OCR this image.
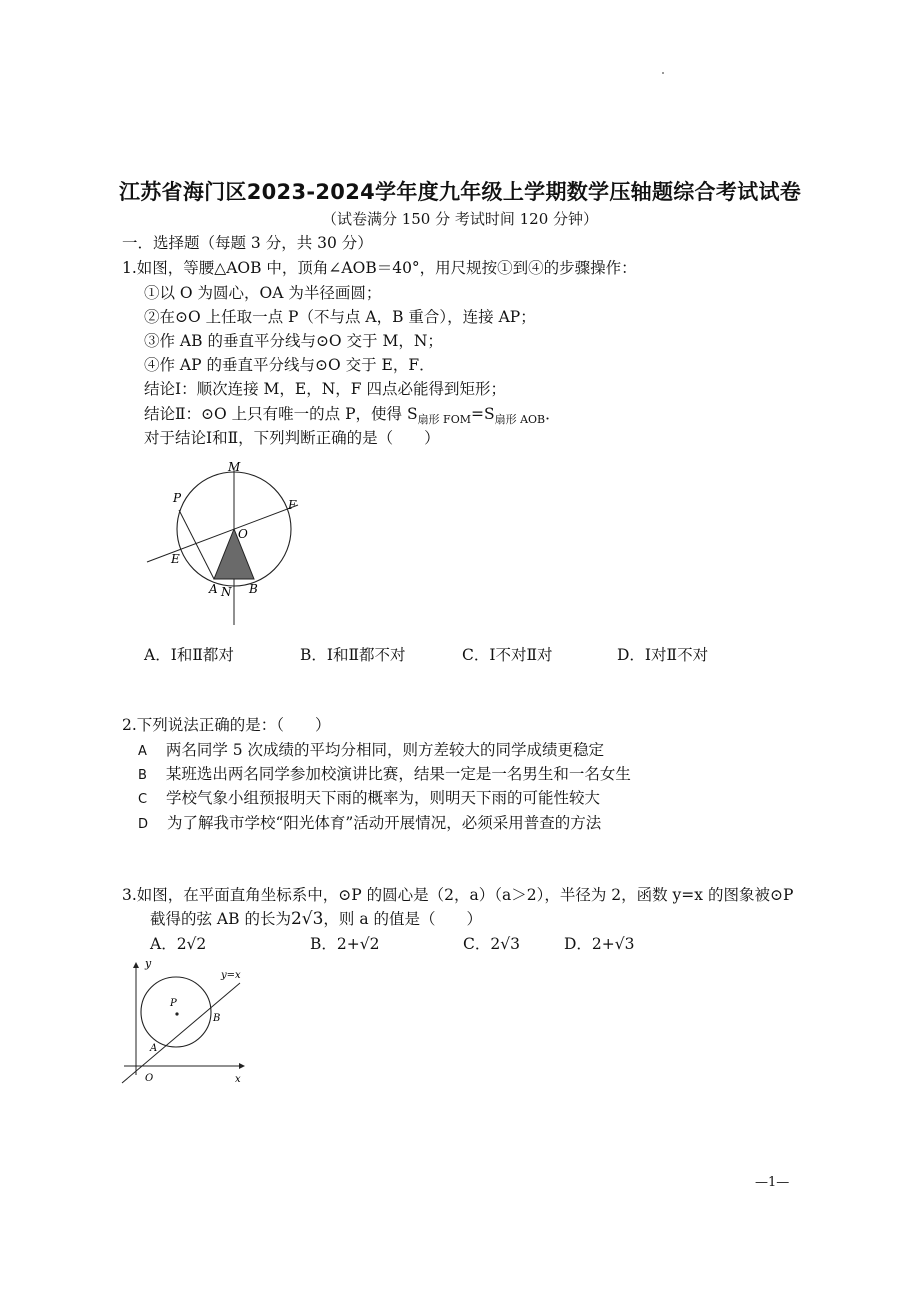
江苏省海门区2023-2024学年度九年级上学期数学压轴题综合考试试卷
（试卷满分 150 分 考试时间 120 分钟）
一．选择题（每题 3 分，共 30 分）
1.如图，等腰△AOB 中，顶角∠AOB＝40°，用尺规按①到④的步骤操作：
①以 O 为圆心，OA 为半径画圆；
②在⊙O 上任取一点 P（不与点 A，B 重合），连接 AP；
③作 AB 的垂直平分线与⊙O 交于 M，N；
④作 AP 的垂直平分线与⊙O 交于 E，F．
结论Ⅰ：顺次连接 M，E，N，F 四点必能得到矩形；
结论Ⅱ：⊙O 上只有唯一的点 P，使得 $S_{扇形 FOM}=S_{扇形 AOB}$．
对于结论Ⅰ和Ⅱ，下列判断正确的是（　　）
M
P	F
O
E
A N B
A．Ⅰ和Ⅱ都对	B．Ⅰ和Ⅱ都不对	C．Ⅰ不对Ⅱ对	D．Ⅰ对Ⅱ不对
2.下列说法正确的是：（　　）
A 两名同学 5 次成绩的平均分相同，则方差较大的同学成绩更稳定
B 某班选出两名同学参加校演讲比赛，结果一定是一名男生和一名女生
C 学校气象小组预报明天下雨的概率为，则明天下雨的可能性较大
D 为了解我市学校“阳光体育”活动开展情况，必须采用普查的方法
3.如图，在平面直角坐标系中，⊙P 的圆心是（2，a）（a＞2），半径为 2，函数 y=x 的图象被⊙P
截得的弦 AB 的长为2√3，则 a 的值是（　　）
A．2√2	B．2+√2	C．2√3	D．2+√3
y
y=x
P
B
A
O	x
—1—
